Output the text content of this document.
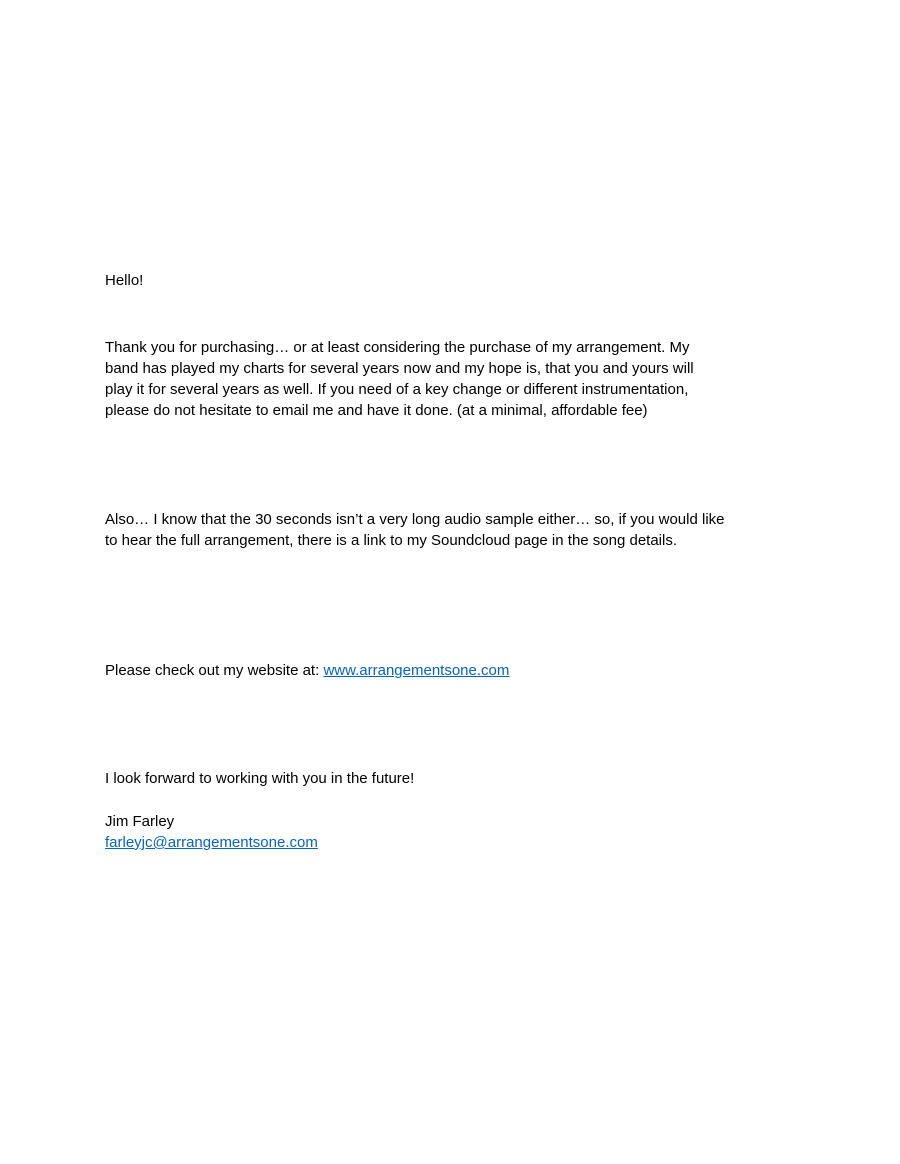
Hello!

Thank you for purchasing… or at least considering the purchase of my arrangement. My
band has played my charts for several years now and my hope is, that you and yours will
play it for several years as well. If you need of a key change or different instrumentation,
please do not hesitate to email me and have it done. (at a minimal, affordable fee)

Also… I know that the 30 seconds isn’t a very long audio sample either… so, if you would like
to hear the full arrangement, there is a link to my Soundcloud page in the song details.

Please check out my website at: www.arrangementsone.com

I look forward to working with you in the future!

Jim Farley
farleyjc@arrangementsone.com
